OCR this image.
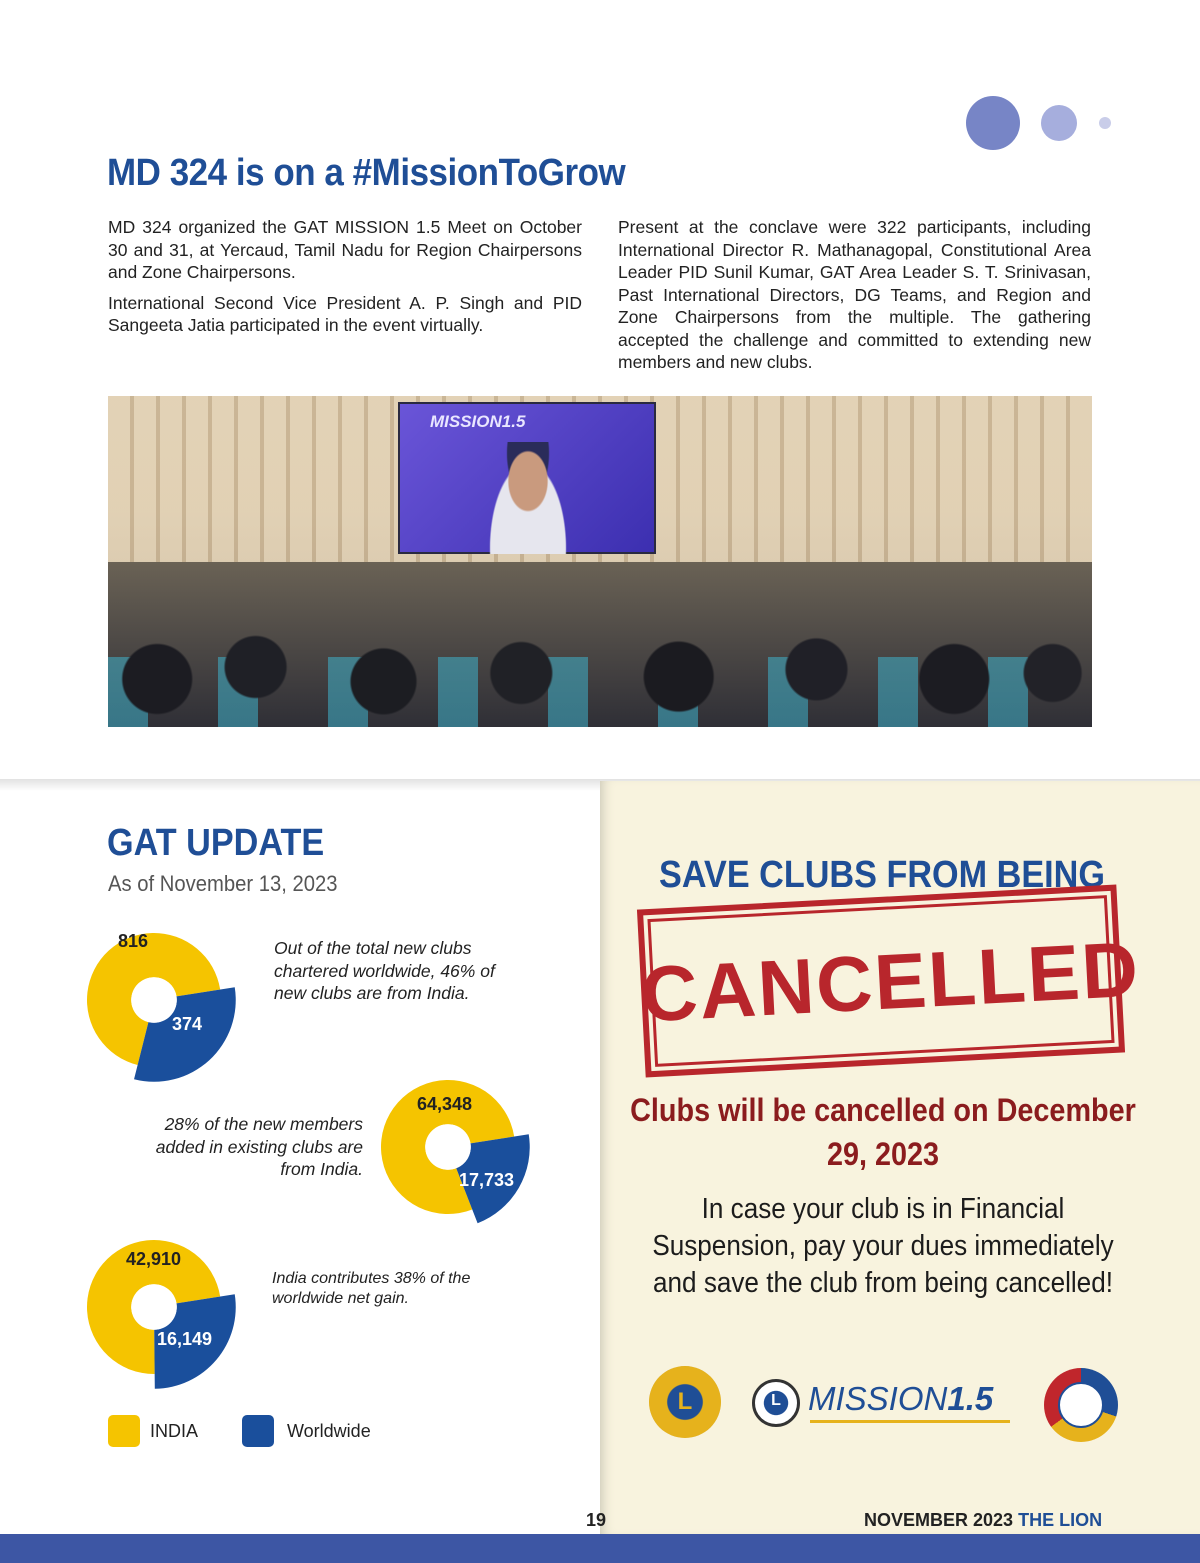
MD 324 is on a #MissionToGrow

MD 324 organized the GAT MISSION 1.5 Meet on October 30 and 31, at Yercaud, Tamil Nadu for Region Chairpersons and Zone Chairpersons.

International Second Vice President A. P. Singh and PID Sangeeta Jatia participated in the event virtually.

Present at the conclave were 322 participants, including International Director R. Mathanagopal, Constitutional Area Leader PID Sunil Kumar, GAT Area Leader S. T. Srinivasan, Past International Directors, DG Teams, and Region and Zone Chairpersons from the multiple. The gathering accepted the challenge and committed to extending new members and new clubs.

MISSION1.5
GAT UPDATE
As of November 13, 2023
816
374
Out of the total new clubs chartered worldwide, 46% of new clubs are from India.
64,348
17,733
28% of the new members added in existing clubs are from India.
42,910
16,149
India contributes 38% of the worldwide net gain.
INDIA	Worldwide
SAVE CLUBS FROM BEING
CANCELLED
Clubs will be cancelled on December 29, 2023
In case your club is in Financial Suspension, pay your dues immediately and save the club from being cancelled!
L	L MISSION1.5
19	NOVEMBER 2023 THE LION
